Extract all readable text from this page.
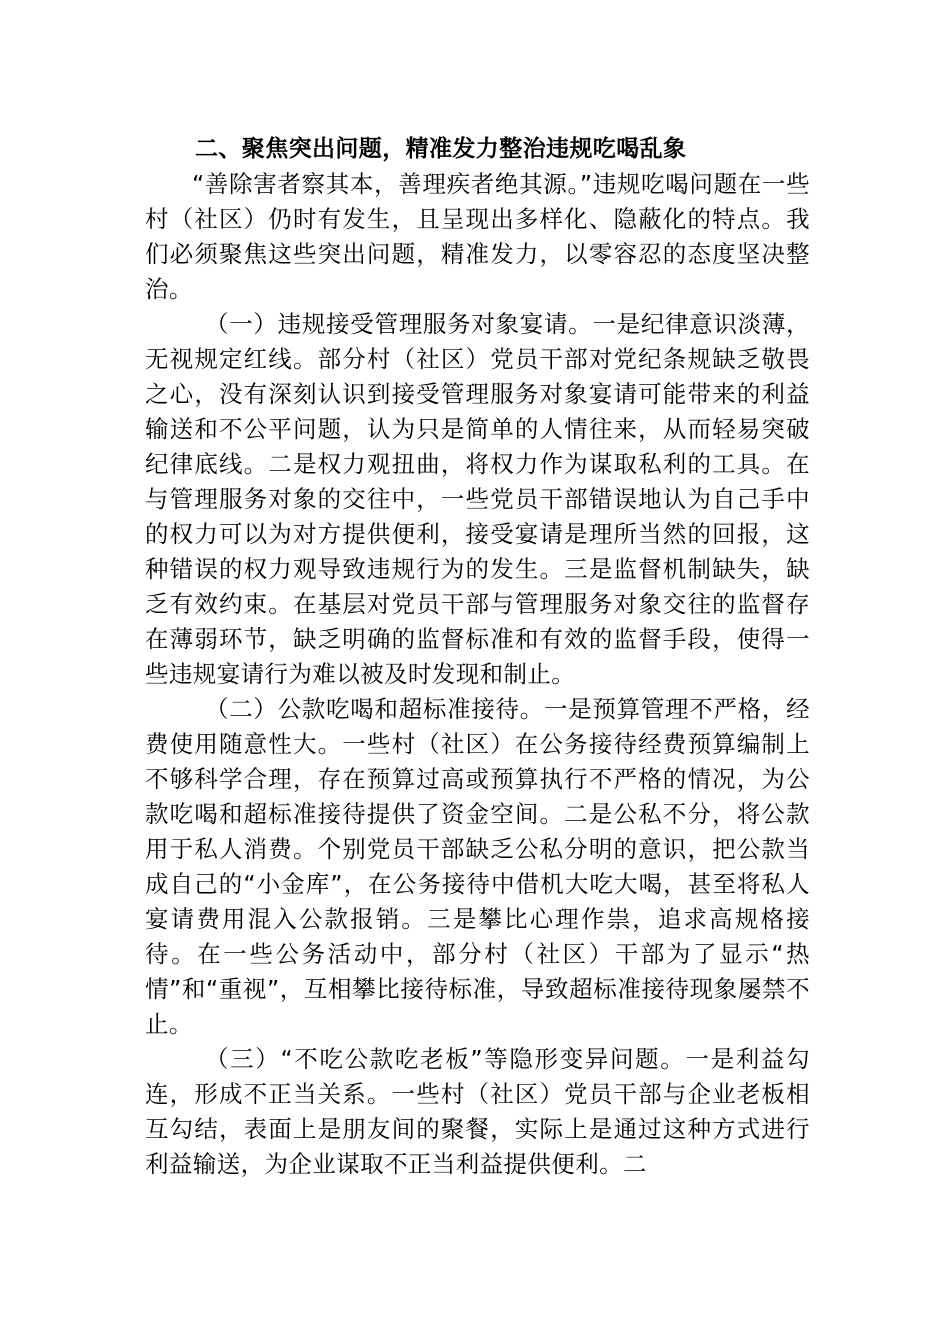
二、聚焦突出问题，精准发力整治违规吃喝乱象

“善除害者察其本，善理疾者绝其源。”违规吃喝问题在一些村（社区）仍时有发生，且呈现出多样化、隐蔽化的特点。我们必须聚焦这些突出问题，精准发力，以零容忍的态度坚决整治。

（一）违规接受管理服务对象宴请。一是纪律意识淡薄，无视规定红线。部分村（社区）党员干部对党纪条规缺乏敬畏之心，没有深刻认识到接受管理服务对象宴请可能带来的利益输送和不公平问题，认为只是简单的人情往来，从而轻易突破纪律底线。二是权力观扭曲，将权力作为谋取私利的工具。在与管理服务对象的交往中，一些党员干部错误地认为自己手中的权力可以为对方提供便利，接受宴请是理所当然的回报，这种错误的权力观导致违规行为的发生。三是监督机制缺失，缺乏有效约束。在基层对党员干部与管理服务对象交往的监督存在薄弱环节，缺乏明确的监督标准和有效的监督手段，使得一些违规宴请行为难以被及时发现和制止。

（二）公款吃喝和超标准接待。一是预算管理不严格，经费使用随意性大。一些村（社区）在公务接待经费预算编制上不够科学合理，存在预算过高或预算执行不严格的情况，为公款吃喝和超标准接待提供了资金空间。二是公私不分，将公款用于私人消费。个别党员干部缺乏公私分明的意识，把公款当成自己的“小金库”，在公务接待中借机大吃大喝，甚至将私人宴请费用混入公款报销。三是攀比心理作祟，追求高规格接待。在一些公务活动中，部分村（社区）干部为了显示“热情”和“重视”，互相攀比接待标准，导致超标准接待现象屡禁不止。

（三）“不吃公款吃老板”等隐形变异问题。一是利益勾连，形成不正当关系。一些村（社区）党员干部与企业老板相互勾结，表面上是朋友间的聚餐，实际上是通过这种方式进行利益输送，为企业谋取不正当利益提供便利。二
